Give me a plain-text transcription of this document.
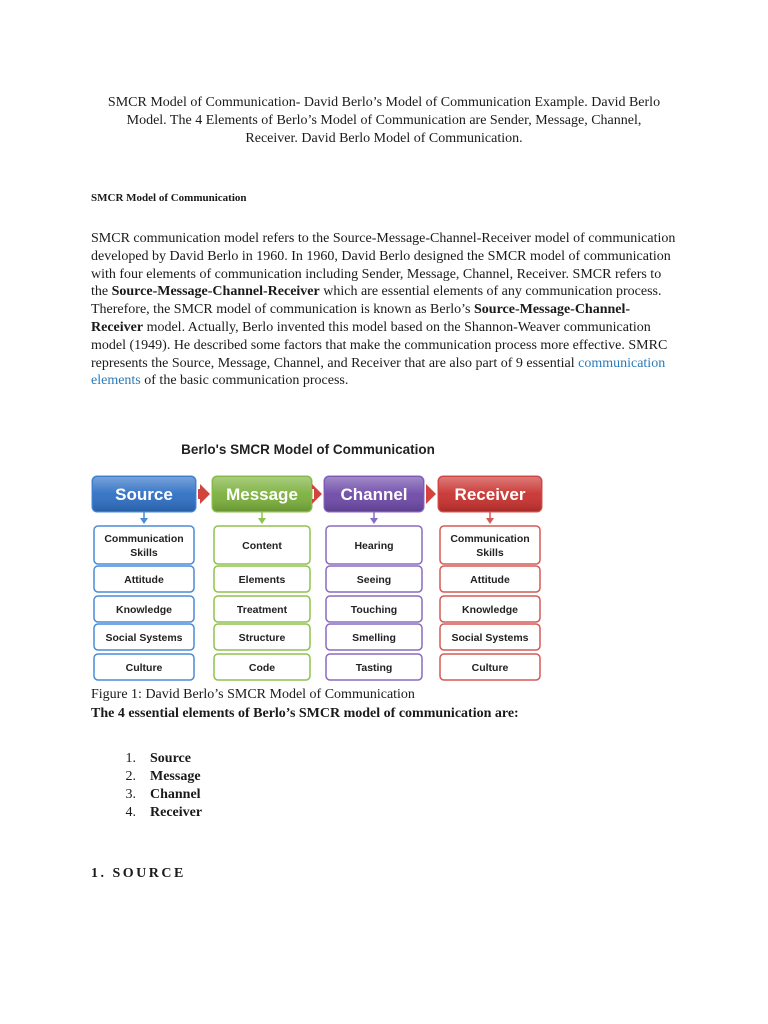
SMCR Model of Communication- David Berlo’s Model of Communication Example. David Berlo Model. The 4 Elements of Berlo’s Model of Communication are Sender, Message, Channel, Receiver. David Berlo Model of Communication.
SMCR Model of Communication
SMCR communication model refers to the Source-Message-Channel-Receiver model of communication developed by David Berlo in 1960. In 1960, David Berlo designed the SMCR model of communication with four elements of communication including Sender, Message, Channel, Receiver. SMCR refers to the Source-Message-Channel-Receiver which are essential elements of any communication process. Therefore, the SMCR model of communication is known as Berlo’s Source-Message-Channel-Receiver model. Actually, Berlo invented this model based on the Shannon-Weaver communication model (1949). He described some factors that make the communication process more effective. SMRC represents the Source, Message, Channel, and Receiver that are also part of 9 essential communication elements of the basic communication process.
Berlo's SMCR Model of Communication
Source
Communication
Skills
Attitude
Knowledge
Social Systems
Culture
Message
Content
Elements
Treatment
Structure
Code
Channel
Hearing
Seeing
Touching
Smelling
Tasting
Receiver
Communication
Skills
Attitude
Knowledge
Social Systems
Culture
Figure 1: David Berlo’s SMCR Model of Communication
The 4 essential elements of Berlo’s SMCR model of communication are:
1. Source
2. Message
3. Channel
4. Receiver
1. SOURCE
